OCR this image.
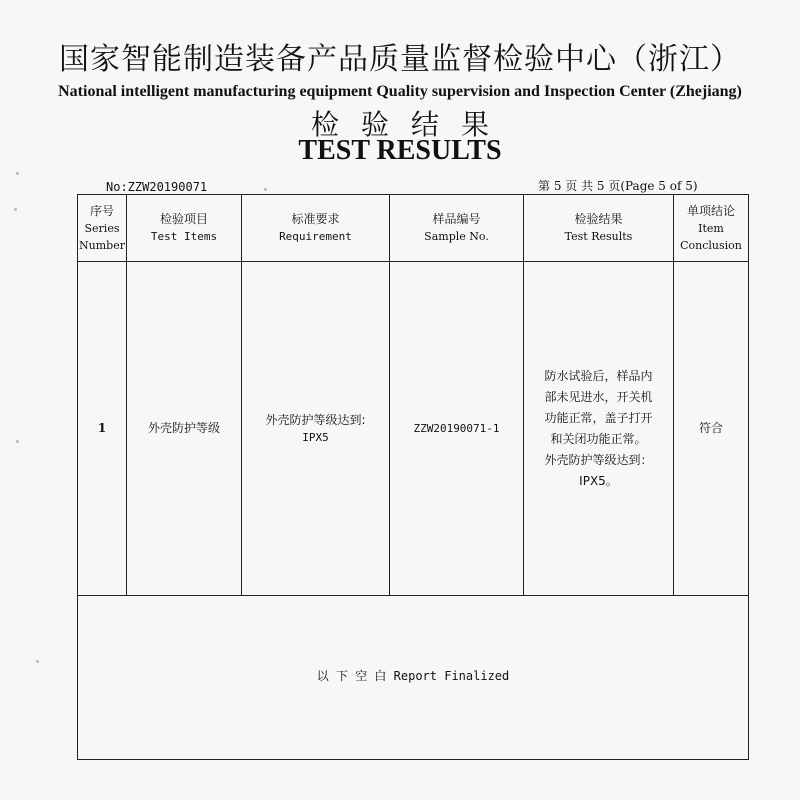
国家智能制造装备产品质量监督检验中心（浙江）
National intelligent manufacturing equipment Quality supervision and Inspection Center (Zhejiang)
检验结果
TEST RESULTS
No:ZZW20190071	第 5 页 共 5 页(Page 5 of 5)
序号
Series
Number
检验项目
Test Items
标准要求
Requirement
样品编号
Sample No.
检验结果
Test Results
单项结论
Item
Conclusion
1	外壳防护等级
外壳防护等级达到:
IPX5
ZZW20190071-1
防水试验后，样品内
部未见进水，开关机
功能正常，盖子打开
和关闭功能正常。
外壳防护等级达到：
IPX5。
符合
以 下 空 白 Report Finalized
